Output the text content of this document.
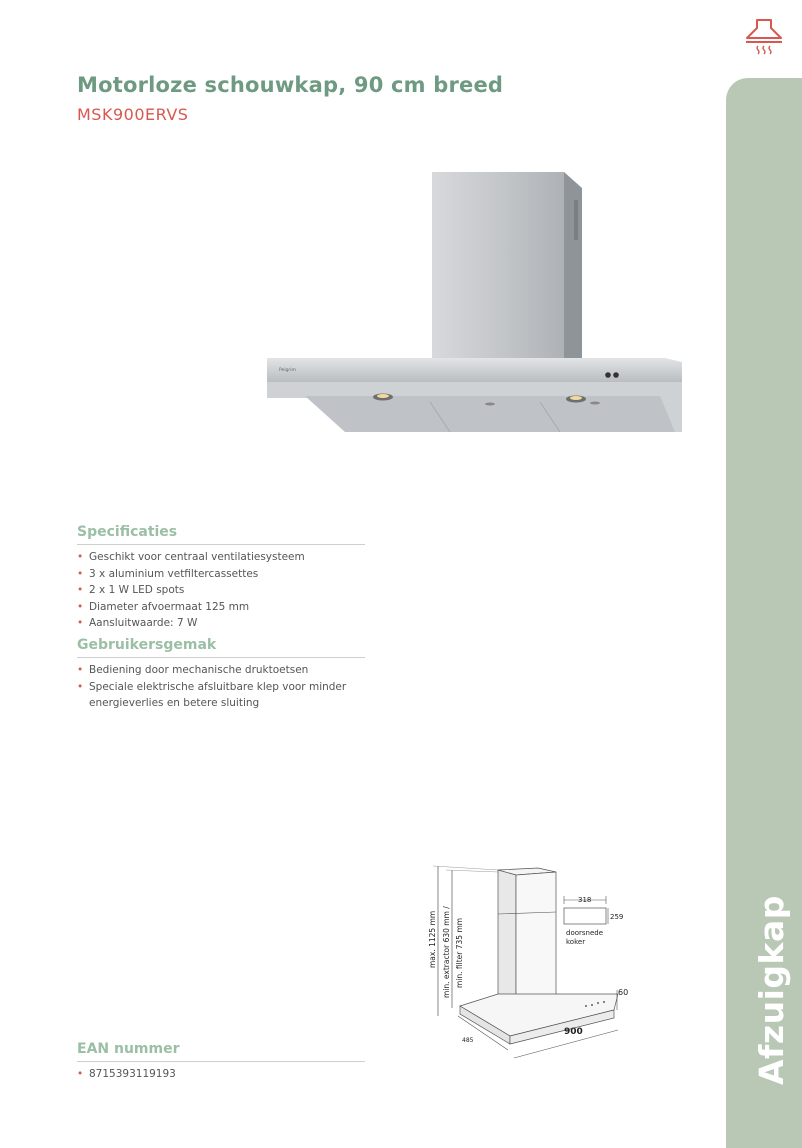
Motorloze schouwkap, 90 cm breed
MSK900ERVS
Afzuigkap
Pelgrim
Specificaties
• Geschikt voor centraal ventilatiesysteem
• 3 x aluminium vetfiltercassettes
• 2 x 1 W LED spots
• Diameter afvoermaat 125 mm
• Aansluitwaarde: 7 W
Gebruikersgemak
• Bediening door mechanische druktoetsen
• Speciale elektrische afsluitbare klep voor minder energieverlies en betere sluiting
EAN nummer
• 8715393119193
max. 1125 mm min. extractor 630 mm / min. filter 735 mm
318
259
doorsnede
koker
60
900
485
